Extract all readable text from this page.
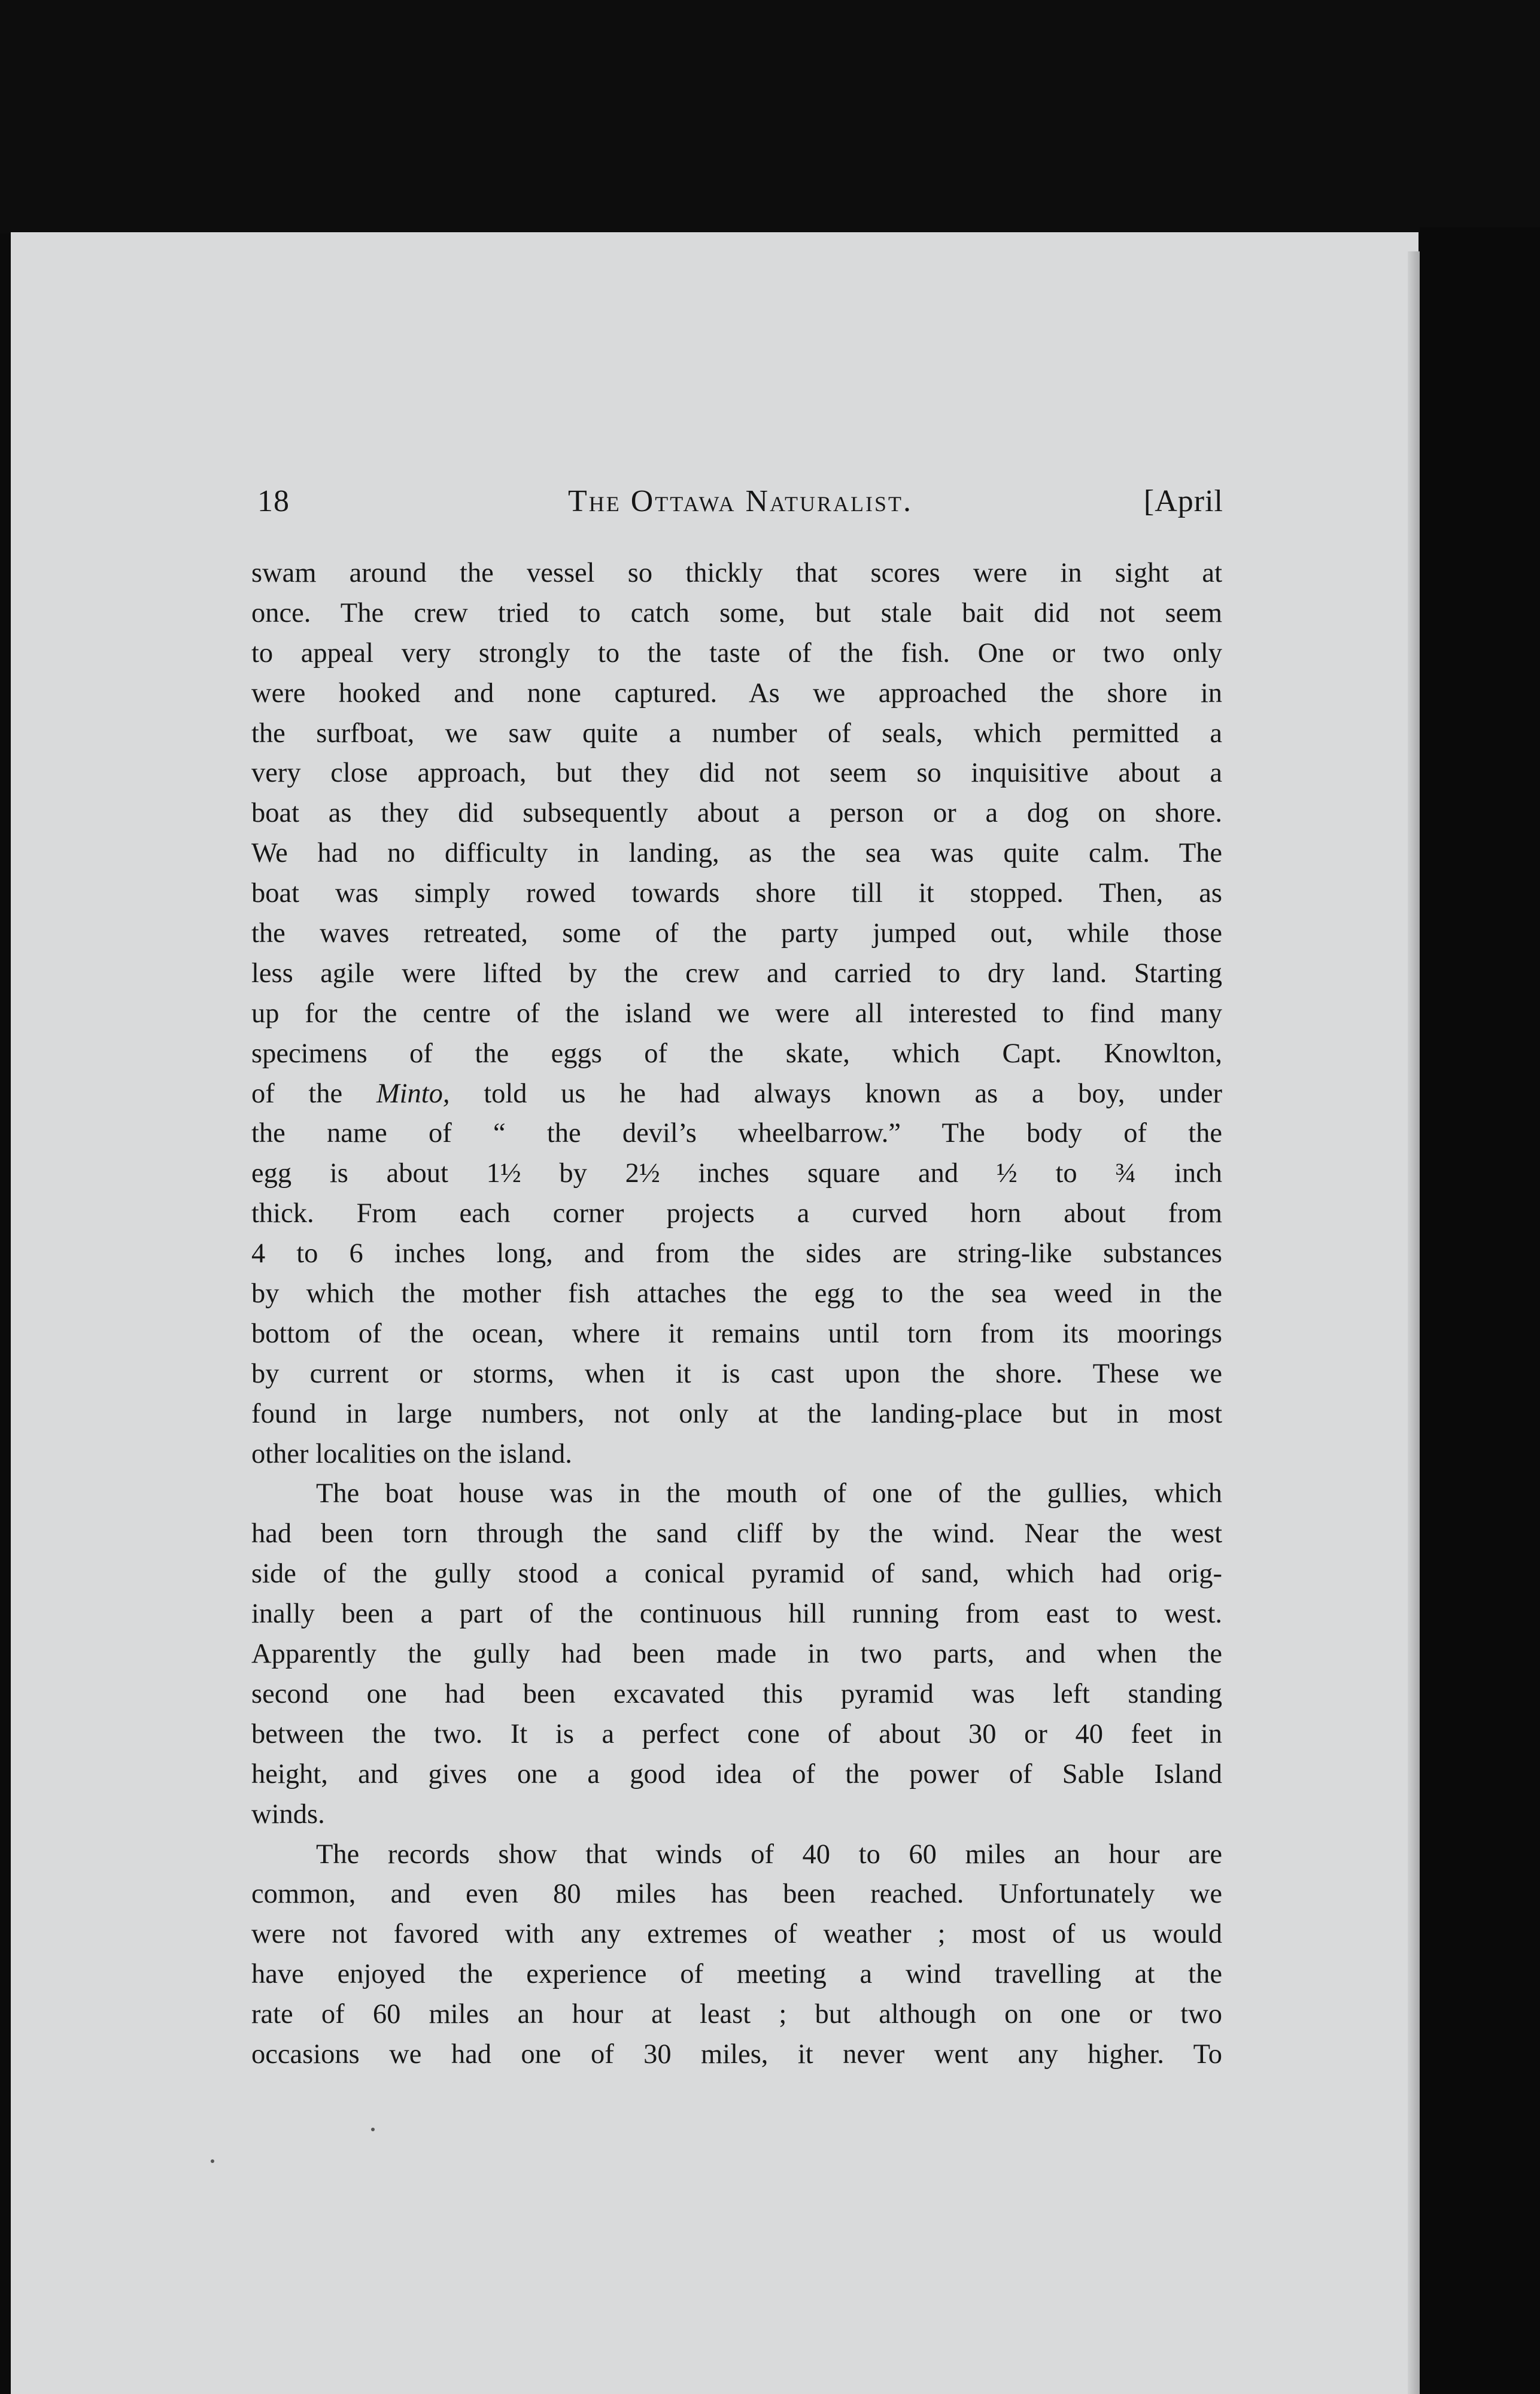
18	The Ottawa Naturalist.	[April
swam around the vessel so thickly that scores were in sight at
once. The crew tried to catch some, but stale bait did not seem
to appeal very strongly to the taste of the fish. One or two only
were hooked and none captured. As we approached the shore in
the surfboat, we saw quite a number of seals, which permitted a
very close approach, but they did not seem so inquisitive about a
boat as they did subsequently about a person or a dog on shore.
We had no difficulty in landing, as the sea was quite calm. The
boat was simply rowed towards shore till it stopped. Then, as
the waves retreated, some of the party jumped out, while those
less agile were lifted by the crew and carried to dry land. Starting
up for the centre of the island we were all interested to find many
specimens of the eggs of the skate, which Capt. Knowlton,
of the Minto, told us he had always known as a boy, under
the name of “ the devil’s wheelbarrow.” The body of the
egg is about 1½ by 2½ inches square and ½ to ¾ inch
thick. From each corner projects a curved horn about from
4 to 6 inches long, and from the sides are string-like substances
by which the mother fish attaches the egg to the sea weed in the
bottom of the ocean, where it remains until torn from its moorings
by current or storms, when it is cast upon the shore. These we
found in large numbers, not only at the landing-place but in most
other localities on the island.
The boat house was in the mouth of one of the gullies, which
had been torn through the sand cliff by the wind. Near the west
side of the gully stood a conical pyramid of sand, which had orig-
inally been a part of the continuous hill running from east to west.
Apparently the gully had been made in two parts, and when the
second one had been excavated this pyramid was left standing
between the two. It is a perfect cone of about 30 or 40 feet in
height, and gives one a good idea of the power of Sable Island
winds.
The records show that winds of 40 to 60 miles an hour are
common, and even 80 miles has been reached. Unfortunately we
were not favored with any extremes of weather ; most of us would
have enjoyed the experience of meeting a wind travelling at the
rate of 60 miles an hour at least ; but although on one or two
occasions we had one of 30 miles, it never went any higher. To
